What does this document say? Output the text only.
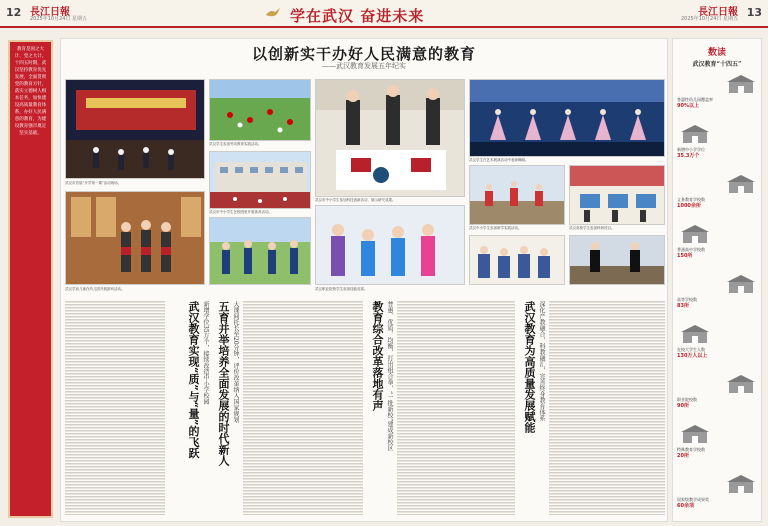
12 長江日報
2025年10月24日 星期五	学在武汉 奋进未来	長江日報
2025年10月24日 星期五 13
教育是国之大计、党之大计。十四五时期，武汉坚持教育优先发展，全面贯彻党的教育方针，落实立德树人根本任务，加快建设高质量教育体系，办好人民满意的教育，为建设教育强市奠定坚实基础。
以创新实干办好人民满意的教育
——武汉教育发展五年纪实
武汉市首届“开学第一课”活动现场。
武汉学生参加劳动教育实践活动。
武汉市中小学生在校园里开展体育活动。
武汉市中小学生参加科技创新活动，展示研究成果。
武汉学生在艺术展演活动中表演舞蹈。
武汉中小学生参加研学实践活动。	武汉高校学生参加科研项目。
武汉学前儿童在幼儿园开展游戏活动。	武汉职业院校学生参加技能竞赛。
武汉教育实现“质”与“量”的飞跃 新增学位35万个，接续改造中小学校园 五育并举培养全面发展的时代新人 大课间托长至20分钟，评价改革纳入国家规划	教育综合改革落地有声 普惠、优质、均衡，打出组合拳，“一批新校”建成新校区	武汉教育为高质量发展赋能 深化产教融合，科教融汇，完善终身教育体系
数读
武汉教育“十四五”
普惠性幼儿园覆盖率
90%以上
新增中小学学位
35.3万个
义务教育学校数
1000余所
普通高中学校数
150所
高等学校数
83所
在校大学生人数
130万人以上
职业院校数
90所
特殊教育学校数
20所
国家级教学成果奖
60余项
